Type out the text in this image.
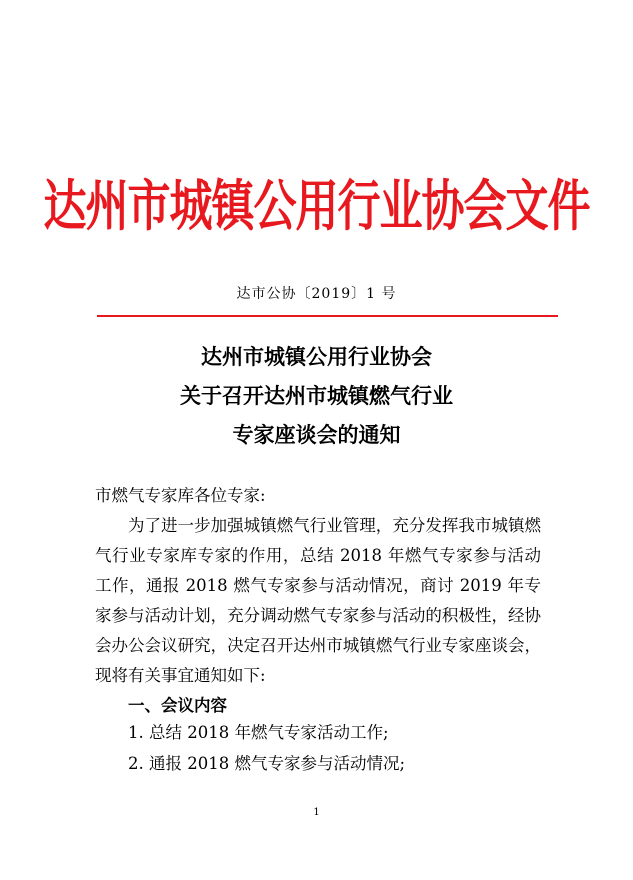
达州市城镇公用行业协会文件
达市公协〔2019〕1 号
达州市城镇公用行业协会
关于召开达州市城镇燃气行业
专家座谈会的通知
市燃气专家库各位专家:
为了进一步加强城镇燃气行业管理，充分发挥我市城镇燃气行业专家库专家的作用，总结 2018 年燃气专家参与活动工作，通报 2018 燃气专家参与活动情况，商讨 2019 年专家参与活动计划，充分调动燃气专家参与活动的积极性，经协会办公会议研究，决定召开达州市城镇燃气行业专家座谈会，现将有关事宜通知如下:
一、会议内容
1. 总结 2018 年燃气专家活动工作;
2. 通报 2018 燃气专家参与活动情况;
1
